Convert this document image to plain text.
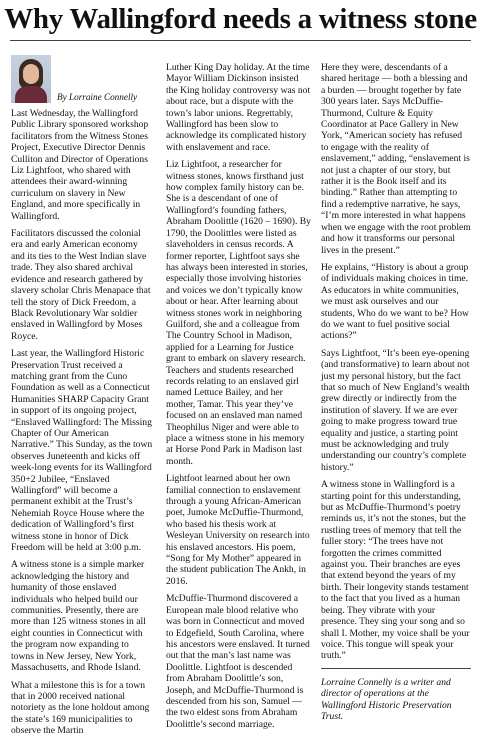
Why Wallingford needs a witness stone
By Lorraine Connelly

Last Wednesday, the Wallingford Public Library sponsored workshop facilitators from the Witness Stones Project, Executive Director Dennis Culliton and Director of Operations Liz Lightfoot, who shared with attendees their award-winning curriculum on slavery in New England, and more specifically in Wallingford.

Facilitators discussed the colonial era and early American economy and its ties to the West Indian slave trade. They also shared archival evidence and research gathered by slavery scholar Chris Menapace that tell the story of Dick Freedom, a Black Revolutionary War soldier enslaved in Wallingford by Moses Royce.

Last year, the Wallingford Historic Preservation Trust received a matching grant from the Cuno Foundation as well as a Connecticut Humanities SHARP Capacity Grant in support of its ongoing project, “Enslaved Wallingford: The Missing Chapter of Our American Narrative.” This Sunday, as the town observes Juneteenth and kicks off week-long events for its Wallingford 350+2 Jubilee, “Enslaved Wallingford” will become a permanent exhibit at the Trust’s Nehemiah Royce House where the dedication of Wallingford’s first witness stone in honor of Dick Freedom will be held at 3:00 p.m.

A witness stone is a simple marker acknowledging the history and humanity of those enslaved individuals who helped build our communities. Presently, there are more than 125 witness stones in all eight counties in Connecticut with the program now expanding to towns in New Jersey, New York, Massachusetts, and Rhode Island.

What a milestone this is for a town that in 2000 received national notoriety as the lone holdout among the state’s 169 municipalities to observe the Martin

Luther King Day holiday. At the time Mayor William Dickinson insisted the King holiday controversy was not about race, but a dispute with the town’s labor unions. Regrettably, Wallingford has been slow to acknowledge its complicated history with enslavement and race.

Liz Lightfoot, a researcher for witness stones, knows firsthand just how complex family history can be. She is a descendant of one of Wallingford’s founding fathers, Abraham Doolittle (1620 – 1690). By 1790, the Doolittles were listed as slaveholders in census records. A former reporter, Lightfoot says she has always been interested in stories, especially those involving histories and voices we don’t typically know about or hear. After learning about witness stones work in neighboring Guilford, she and a colleague from The Country School in Madison, applied for a Learning for Justice grant to embark on slavery research. Teachers and students researched records relating to an enslaved girl named Lettuce Bailey, and her mother, Tamar. This year they’ve focused on an enslaved man named Theophilus Niger and were able to place a witness stone in his memory at Horse Pond Park in Madison last month.

Lightfoot learned about her own familial connection to enslavement through a young African-American poet, Jumoke McDuffie-Thurmond, who based his thesis work at Wesleyan University on research into his enslaved ancestors. His poem, “Song for My Mother” appeared in the student publication The Ankh, in 2016.

McDuffie-Thurmond discovered a European male blood relative who was born in Connecticut and moved to Edgefield, South Carolina, where his ancestors were enslaved. It turned out that the man’s last name was Doolittle. Lightfoot is descended from Abraham Doolittle’s son, Joseph, and McDuffie-Thurmond is descended from his son, Samuel — the two eldest sons from Abraham Doolittle’s second marriage.

Here they were, descendants of a shared heritage — both a blessing and a burden — brought together by fate 300 years later. Says McDuffie-Thurmond, Culture & Equity Coordinator at Pace Gallery in New York, “American society has refused to engage with the reality of enslavement,” adding, “enslavement is not just a chapter of our story, but rather it is the Book itself and its binding.” Rather than attempting to find a redemptive narrative, he says, “I’m more interested in what happens when we engage with the root problem and how it transforms our personal lives in the present.”

He explains, “History is about a group of individuals making choices in time. As educators in white communities, we must ask ourselves and our students, Who do we want to be? How do we want to fuel positive social actions?”

Says Lightfoot, “It’s been eye-opening (and transformative) to learn about not just my personal history, but the fact that so much of New England’s wealth grew directly or indirectly from the institution of slavery. If we are ever going to make progress toward true equality and justice, a starting point must be acknowledging and truly understanding our country’s complete history.”

A witness stone in Wallingford is a starting point for this understanding, but as McDuffie-Thurmond’s poetry reminds us, it’s not the stones, but the rustling trees of memory that tell the fuller story: “The trees have not forgotten the crimes committed against you. Their branches are eyes that extend beyond the years of my birth. Their longevity stands testament to the fact that you lived as a human being. They vibrate with your presence. They sing your song and so shall I. Mother, my voice shall be your voice. This tongue will speak your truth.”

Lorraine Connelly is a writer and director of operations at the Wallingford Historic Preservation Trust.
